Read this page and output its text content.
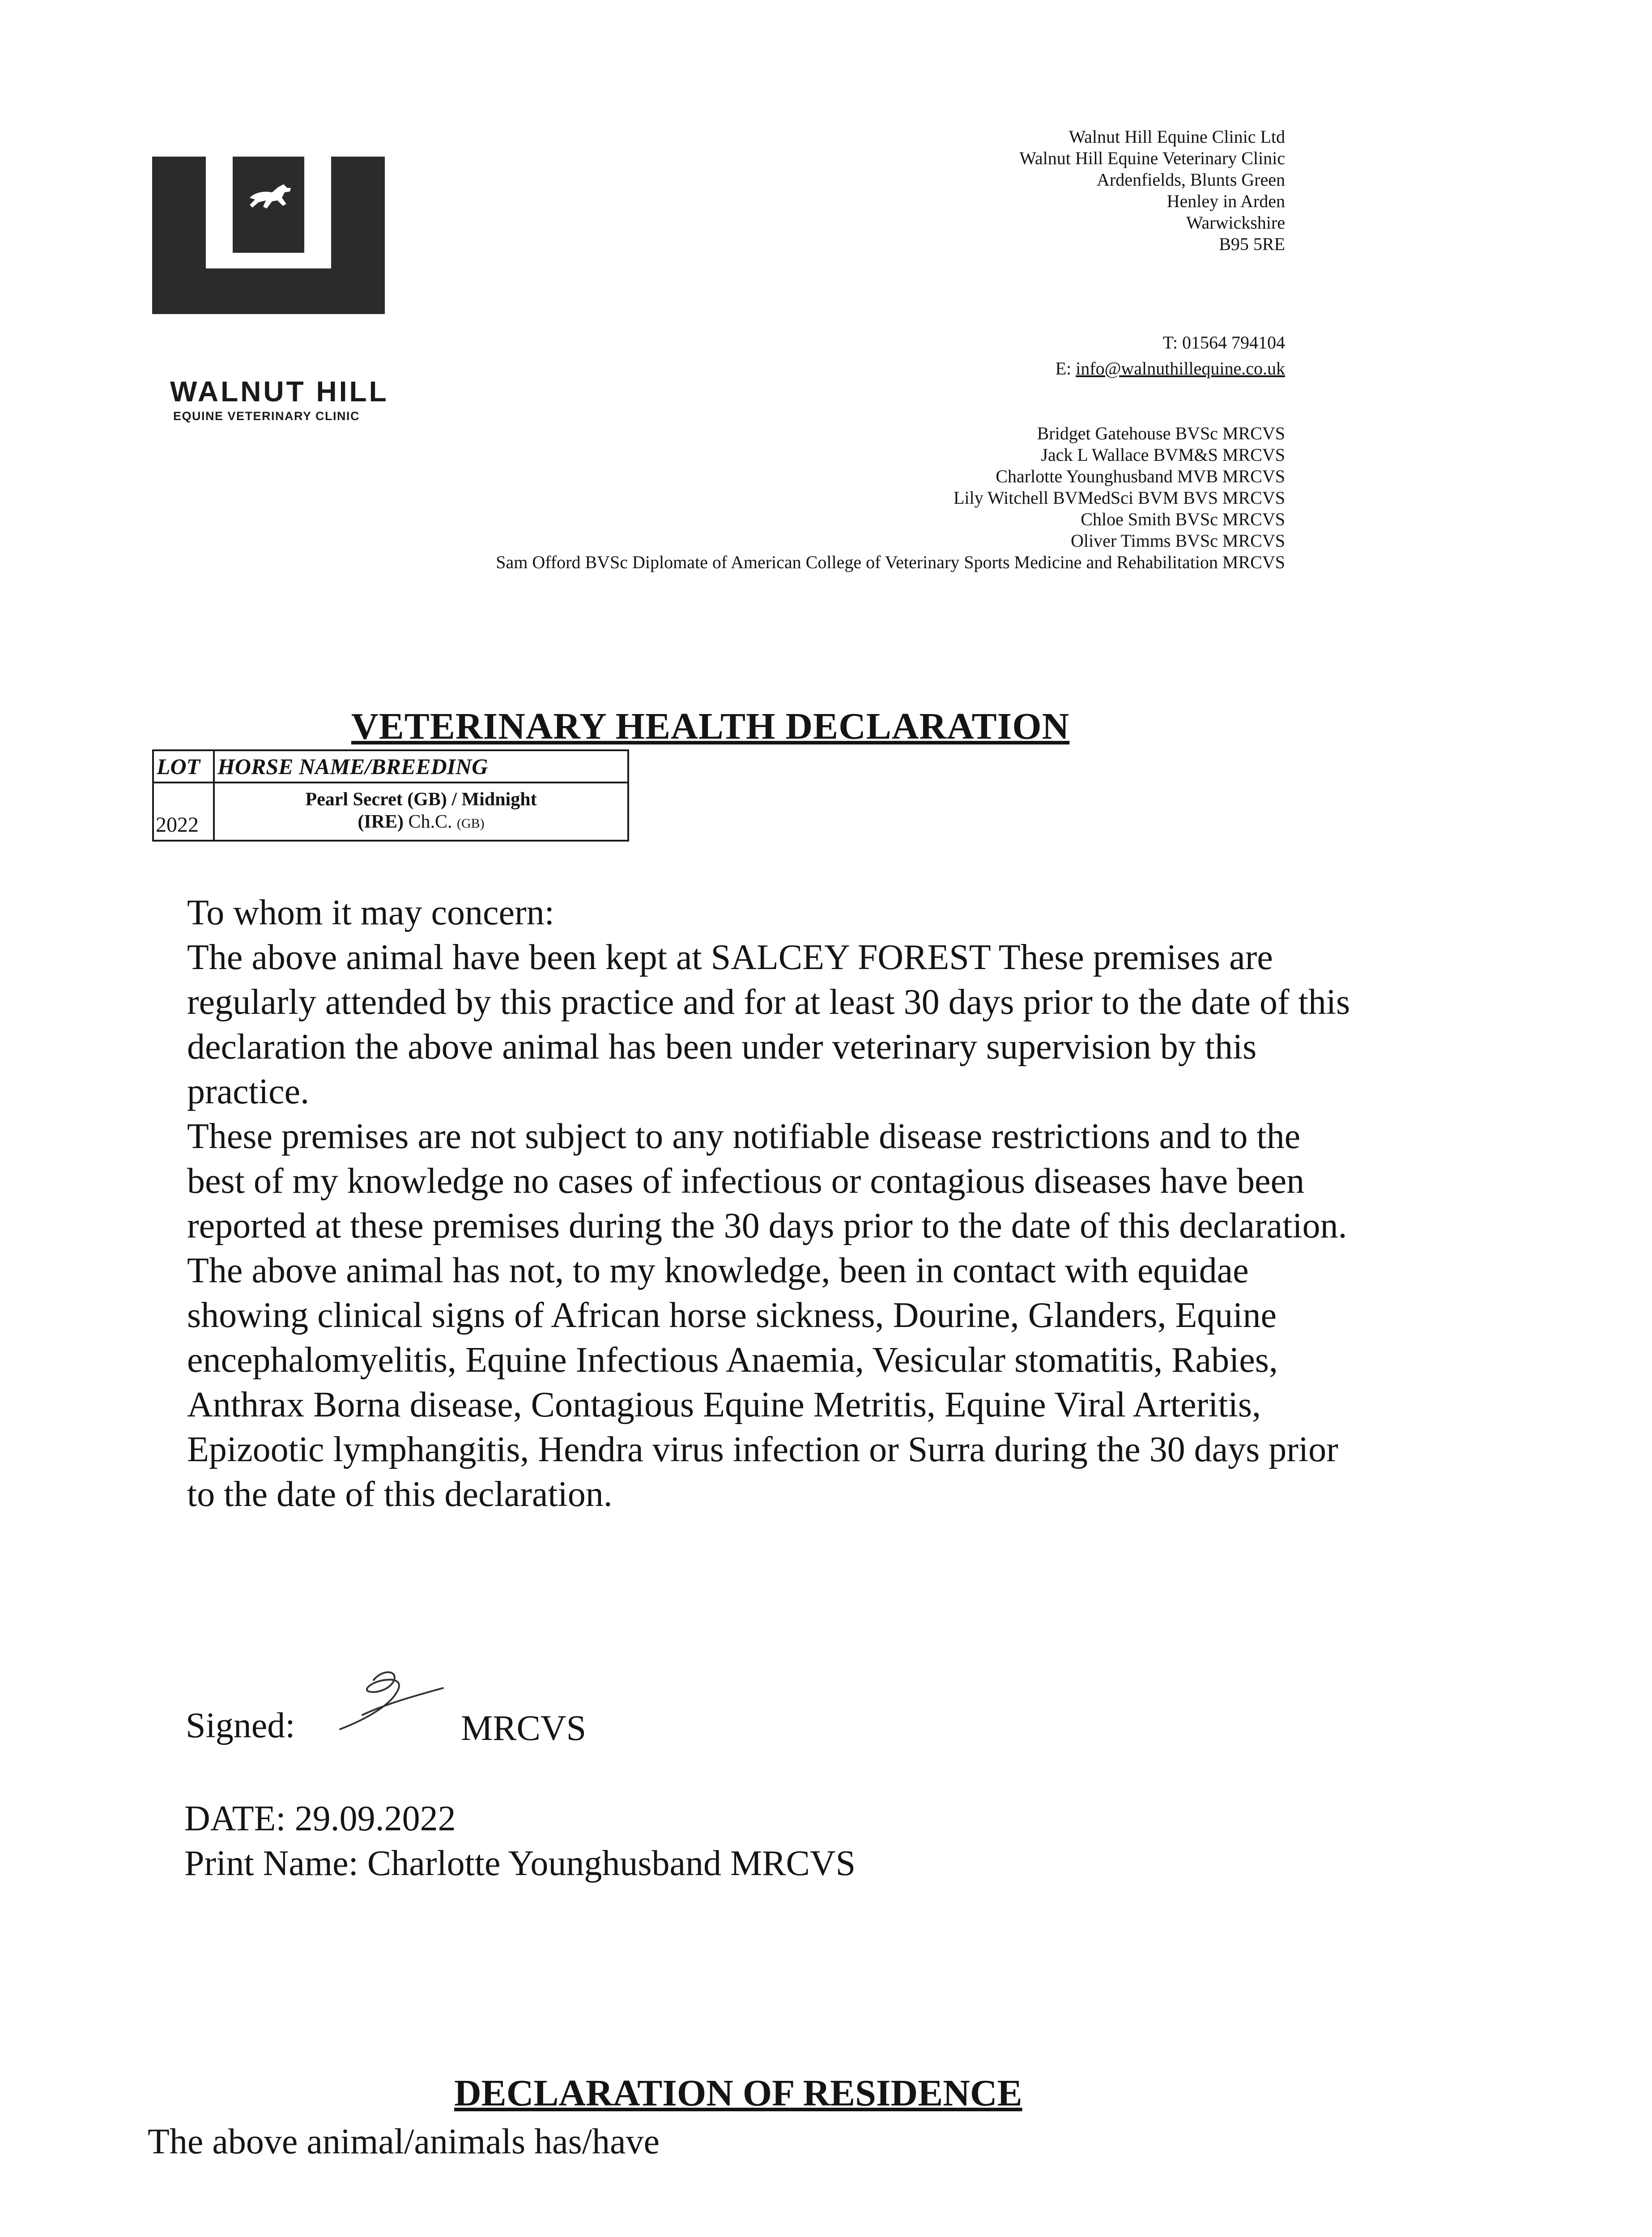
WALNUT HILL
EQUINE VETERINARY CLINIC
Walnut Hill Equine Clinic Ltd
Walnut Hill Equine Veterinary Clinic
Ardenfields, Blunts Green
Henley in Arden
Warwickshire
B95 5RE
T: 01564 794104
E: info@walnuthillequine.co.uk
Bridget Gatehouse BVSc MRCVS
Jack L Wallace BVM&S MRCVS
Charlotte Younghusband MVB MRCVS
Lily Witchell BVMedSci BVM BVS MRCVS
Chloe Smith BVSc MRCVS
Oliver Timms BVSc MRCVS
Sam Offord BVSc Diplomate of American College of Veterinary Sports Medicine and Rehabilitation MRCVS
VETERINARY HEALTH DECLARATION
LOT	HORSE NAME/BREEDING
2022	Pearl Secret (GB) / Midnight
(IRE) Ch.C. (GB)

To whom it may concern:

The above animal have been kept at SALCEY FOREST These premises are regularly attended by this practice and for at least 30 days prior to the date of this declaration the above animal has been under veterinary supervision by this practice.

These premises are not subject to any notifiable disease restrictions and to the best of my knowledge no cases of infectious or contagious diseases have been reported at these premises during the 30 days prior to the date of this declaration.

The above animal has not, to my knowledge, been in contact with equidae showing clinical signs of African horse sickness, Dourine, Glanders, Equine encephalomyelitis, Equine Infectious Anaemia, Vesicular stomatitis, Rabies, Anthrax Borna disease, Contagious Equine Metritis, Equine Viral Arteritis, Epizootic lymphangitis, Hendra virus infection or Surra during the 30 days prior to the date of this declaration.

Signed:	MRCVS
DATE: 29.09.2022
Print Name: Charlotte Younghusband MRCVS
DECLARATION OF RESIDENCE
The above animal/animals has/have
